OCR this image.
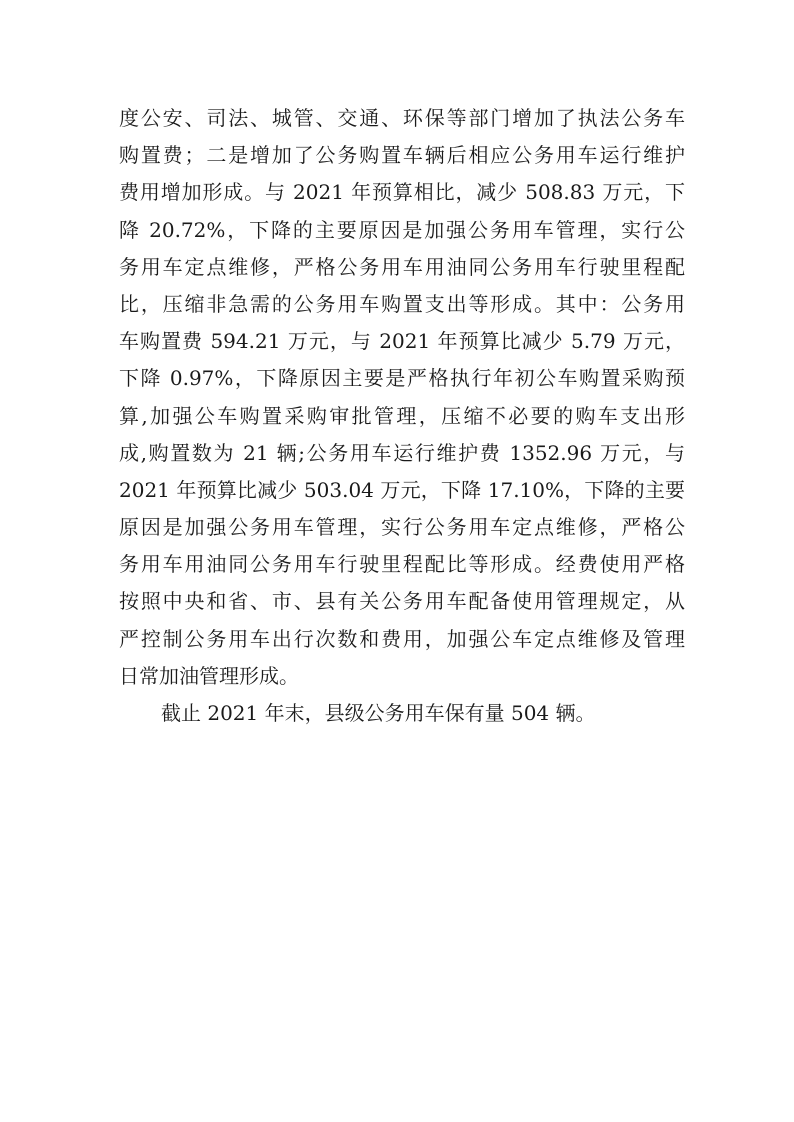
度公安、司法、城管、交通、环保等部门增加了执法公务车
购置费；二是增加了公务购置车辆后相应公务用车运行维护
费用增加形成。与 2021 年预算相比，减少 508.83 万元，下
降 20.72%，下降的主要原因是加强公务用车管理，实行公
务用车定点维修，严格公务用车用油同公务用车行驶里程配
比，压缩非急需的公务用车购置支出等形成。其中：公务用
车购置费 594.21 万元，与 2021 年预算比减少 5.79 万元，
下降 0.97%，下降原因主要是严格执行年初公车购置采购预
算,加强公车购置采购审批管理，压缩不必要的购车支出形
成,购置数为 21 辆;公务用车运行维护费 1352.96 万元，与
2021 年预算比减少 503.04 万元，下降 17.10%，下降的主要
原因是加强公务用车管理，实行公务用车定点维修，严格公
务用车用油同公务用车行驶里程配比等形成。经费使用严格
按照中央和省、市、县有关公务用车配备使用管理规定，从
严控制公务用车出行次数和费用，加强公车定点维修及管理
日常加油管理形成。
截止 2021 年末，县级公务用车保有量 504 辆。
